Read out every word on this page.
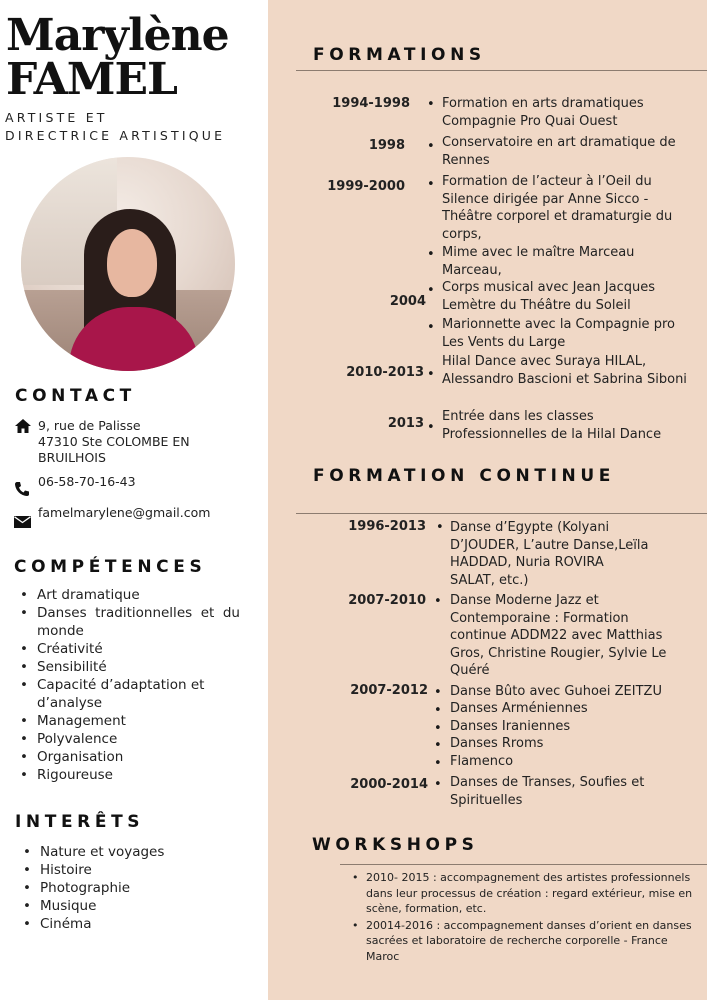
Marylène
FAMEL
ARTISTE ET
DIRECTRICE ARTISTIQUE
CONTACT
9, rue de Palisse
47310 Ste COLOMBE EN
BRUILHOIS
06-58-70-16-43
famelmarylene@gmail.com
COMPÉTENCES
• Art dramatique
• Danses traditionnelles et du monde
• Créativité
• Sensibilité
• Capacité d’adaptation et d’analyse
• Management
• Polyvalence
• Organisation
• Rigoureuse
INTERÊTS
• Nature et voyages
• Histoire
• Photographie
• Musique
• Cinéma
FORMATIONS
1994-1998
1998
1999-2000
2004
2010-2013
2013
•
•
•
•
•
•
•
•
Formation en arts dramatiques Compagnie Pro Quai Ouest
Conservatoire en art dramatique de Rennes
Formation de l’acteur à l’Oeil du Silence dirigée par Anne Sicco - Théâtre corporel et dramaturgie du corps,
Mime avec le maître Marceau Marceau,
Corps musical avec Jean Jacques Lemètre du Théâtre du Soleil
Marionnette avec la Compagnie pro Les Vents du Large
Hilal Dance avec Suraya HILAL, Alessandro Bascioni et Sabrina Siboni
Entrée dans les classes Professionnelles de la Hilal Dance
FORMATION CONTINUE
1996-2013
2007-2010
2007-2012
2000-2014
•
•
•
•
•
•
•
•
Danse d’Egypte (Kolyani D’JOUDER, L’autre Danse,Leïla HADDAD, Nuria ROVIRA SALAT, etc.)
Danse Moderne Jazz et Contemporaine : Formation continue ADDM22 avec Matthias Gros, Christine Rougier, Sylvie Le Quéré
Danse Bûto avec Guhoei ZEITZU
Danses Arméniennes
Danses Iraniennes
Danses Rroms
Flamenco
Danses de Transes, Soufies et Spirituelles
WORKSHOPS
• 2010- 2015 : accompagnement des artistes professionnels dans leur processus de création : regard extérieur, mise en scène, formation, etc.
• 20014-2016 : accompagnement danses d’orient en danses sacrées et laboratoire de recherche corporelle - France Maroc
